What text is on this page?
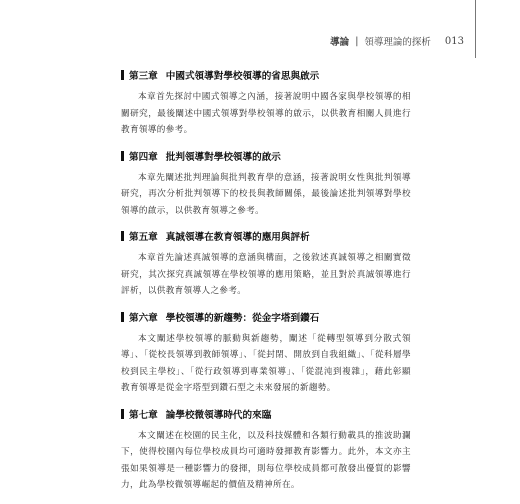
導論 | 領導理論的探析 013
第三章 中國式領導對學校領導的省思與啟示

本章首先探討中國式領導之內涵，接著說明中國各家與學校領導的相關研究，最後闡述中國式領導對學校領導的啟示，以供教育相關人員進行教育領導的參考。

第四章 批判領導對學校領導的啟示

本章先闡述批判理論與批判教育學的意涵，接著說明女性與批判領導研究，再次分析批判領導下的校長與教師關係，最後論述批判領導對學校領導的啟示，以供教育領導之參考。

第五章 真誠領導在教育領導的應用與評析

本章首先論述真誠領導的意涵與構面，之後敘述真誠領導之相關實徵研究，其次探究真誠領導在學校領導的應用策略，並且對於真誠領導進行評析，以供教育領導人之參考。

第六章 學校領導的新趨勢：從金字塔到鑽石

本文闡述學校領導的脈動與新趨勢，闡述「從轉型領導到分散式領導」、「從校長領導到教師領導」、「從封閉、開放到自我組織」、「從科層學校到民主學校」、「從行政領導到專業領導」、「從混沌到複雜」，藉此彰顯教育領導是從金字塔型到鑽石型之未來發展的新趨勢。

第七章 論學校微領導時代的來臨

本文闡述在校園的民主化，以及科技媒體和各類行動載具的推波助瀾下，使得校園內每位學校成員均可適時發揮教育影響力。此外，本文亦主張如果領導是一種影響力的發揮，則每位學校成員都可散發出優質的影響力，此為學校微領導崛起的價值及精神所在。
